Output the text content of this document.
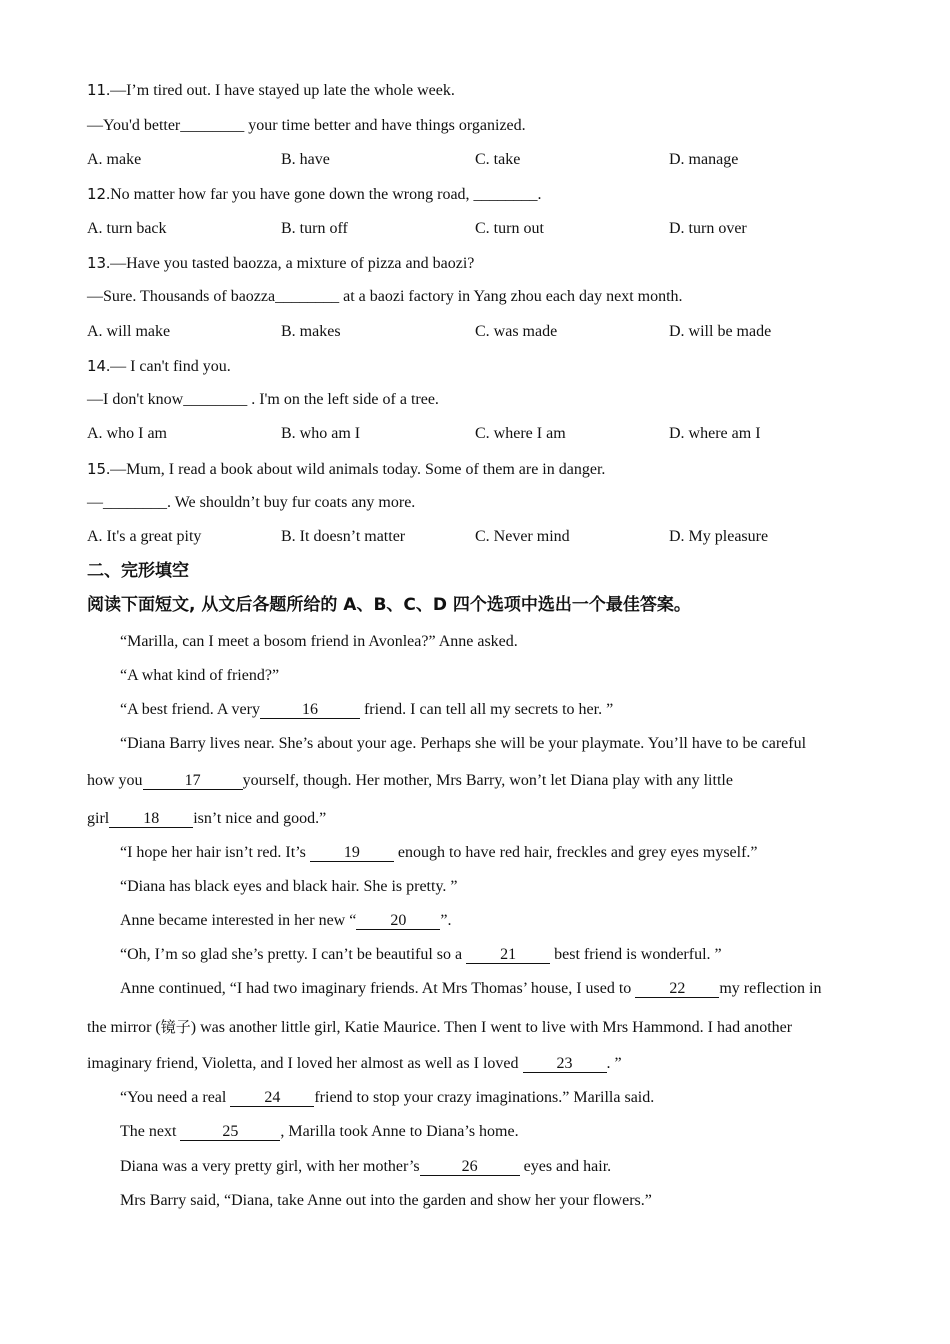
11.—I’m tired out. I have stayed up late the whole week.
—You'd better________ your time better and have things organized.
A. make	B. have	C. take	D. manage
12.No matter how far you have gone down the wrong road, ________.
A. turn back	B. turn off	C. turn out	D. turn over
13.—Have you tasted baozza, a mixture of pizza and baozi?
—Sure. Thousands of baozza________ at a baozi factory in Yang zhou each day next month.
A. will make	B. makes	C. was made	D. will be made
14.— I can't find you.
—I don't know________ . I'm on the left side of a tree.
A. who I am	B. who am I	C. where I am	D. where am I
15.—Mum, I read a book about wild animals today. Some of them are in danger.
—________. We shouldn’t buy fur coats any more.
A. It's a great pity	B. It doesn’t matter	C. Never mind	D. My pleasure
二、完形填空
阅读下面短文, 从文后各题所给的 A、B、C、D 四个选项中选出一个最佳答案。
“Marilla, can I meet a bosom friend in Avonlea?” Anne asked.
“A what kind of friend?”
“A best friend. A very	16	friend. I can tell all my secrets to her. ”
“Diana Barry lives near. She’s about your age. Perhaps she will be your playmate. You’ll have to be careful
how you	17	yourself, though. Her mother, Mrs Barry, won’t let Diana play with any little
girl 18 isn’t nice and good.”
“I hope her hair isn’t red. It’s 19 enough to have red hair, freckles and grey eyes myself.”
“Diana has black eyes and black hair. She is pretty. ”
Anne became interested in her new “ 20 ”.
“Oh, I’m so glad she’s pretty. I can’t be beautiful so a 21 best friend is wonderful. ”
Anne continued, “I had two imaginary friends. At Mrs Thomas’ house, I used to 22 my reflection in
the mirror (镜子) was another little girl, Katie Maurice. Then I went to live with Mrs Hammond. I had another
imaginary friend, Violetta, and I loved her almost as well as I loved 23 . ”
“You need a real 24 friend to stop your crazy imaginations.” Marilla said.
The next	25	, Marilla took Anne to Diana’s home.
Diana was a very pretty girl, with her mother’s	26	eyes and hair.
Mrs Barry said, “Diana, take Anne out into the garden and show her your flowers.”
